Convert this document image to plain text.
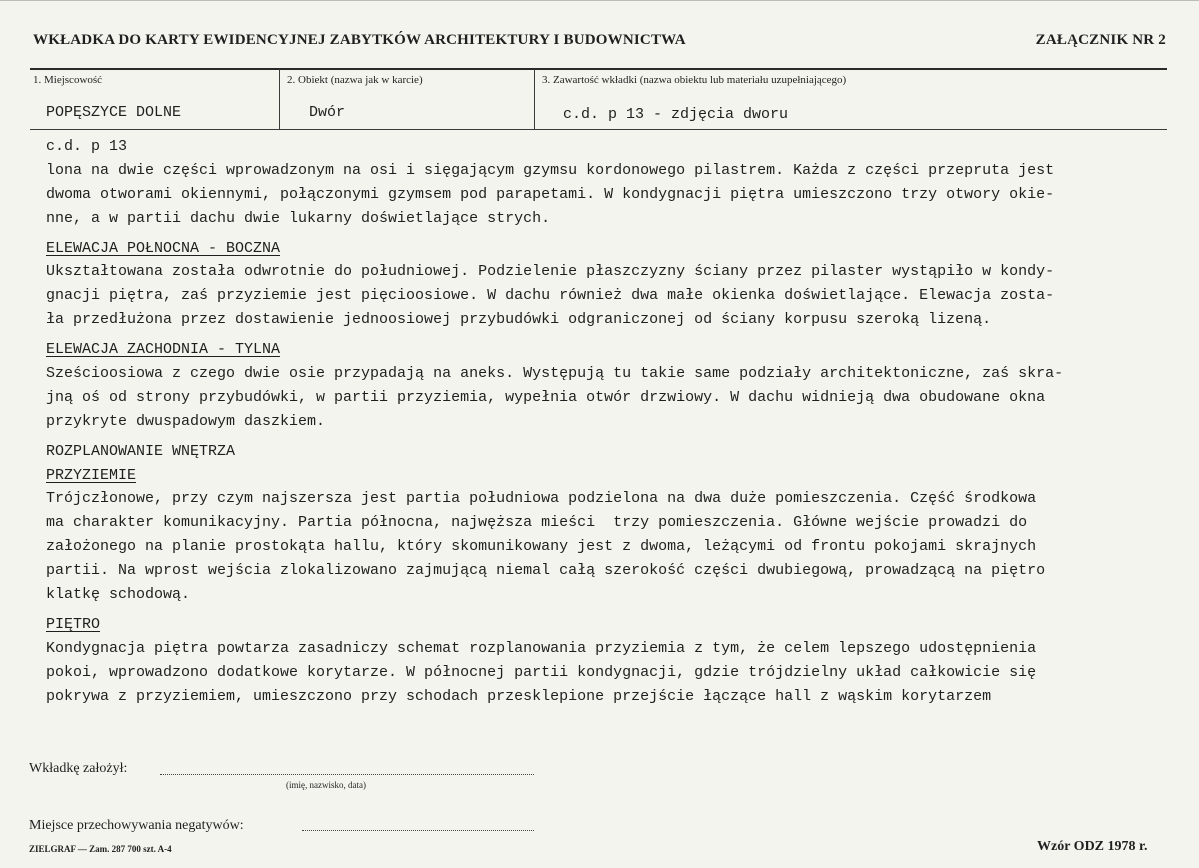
WKŁADKA DO KARTY EWIDENCYJNEJ ZABYTKÓW ARCHITEKTURY I BUDOWNICTWA	ZAŁĄCZNIK NR 2
1. Miejscowość	2. Obiekt (nazwa jak w karcie)	3. Zawartość wkładki (nazwa obiektu lub materiału uzupełniającego)
POPĘSZYCE DOLNE	Dwór	c.d. p 13 - zdjęcia dworu
c.d. p 13
lona na dwie części wprowadzonym na osi i sięgającym gzymsu kordonowego pilastrem. Każda z części przepruta jest
dwoma otworami okiennymi, połączonymi gzymsem pod parapetami. W kondygnacji piętra umieszczono trzy otwory okie-
nne, a w partii dachu dwie lukarny doświetlające strych.
ELEWACJA POŁNOCNA - BOCZNA
Ukształtowana została odwrotnie do południowej. Podzielenie płaszczyzny ściany przez pilaster wystąpiło w kondy-
gnacji piętra, zaś przyziemie jest pięcioosiowe. W dachu również dwa małe okienka doświetlające. Elewacja zosta-
ła przedłużona przez dostawienie jednoosiowej przybudówki odgraniczonej od ściany korpusu szeroką lizeną.
ELEWACJA ZACHODNIA - TYLNA
Sześcioosiowa z czego dwie osie przypadają na aneks. Występują tu takie same podziały architektoniczne, zaś skra-
jną oś od strony przybudówki, w partii przyziemia, wypełnia otwór drzwiowy. W dachu widnieją dwa obudowane okna
przykryte dwuspadowym daszkiem.
ROZPLANOWANIE WNĘTRZA
PRZYZIEMIE
Trójczłonowe, przy czym najszersza jest partia południowa podzielona na dwa duże pomieszczenia. Część środkowa
ma charakter komunikacyjny. Partia północna, najwęższa mieści  trzy pomieszczenia. Główne wejście prowadzi do
założonego na planie prostokąta hallu, który skomunikowany jest z dwoma, leżącymi od frontu pokojami skrajnych
partii. Na wprost wejścia zlokalizowano zajmującą niemal całą szerokość części dwubiegową, prowadzącą na piętro
klatkę schodową.
PIĘTRO
Kondygnacja piętra powtarza zasadniczy schemat rozplanowania przyziemia z tym, że celem lepszego udostępnienia
pokoi, wprowadzono dodatkowe korytarze. W północnej partii kondygnacji, gdzie trójdzielny układ całkowicie się
pokrywa z przyziemiem, umieszczono przy schodach przesklepione przejście łączące hall z wąskim korytarzem
Wkładkę założył:
(imię, nazwisko, data)
Miejsce przechowywania negatywów:
ZIELGRAF — Zam. 287 700 szt. A-4	Wzór ODZ 1978 r.
